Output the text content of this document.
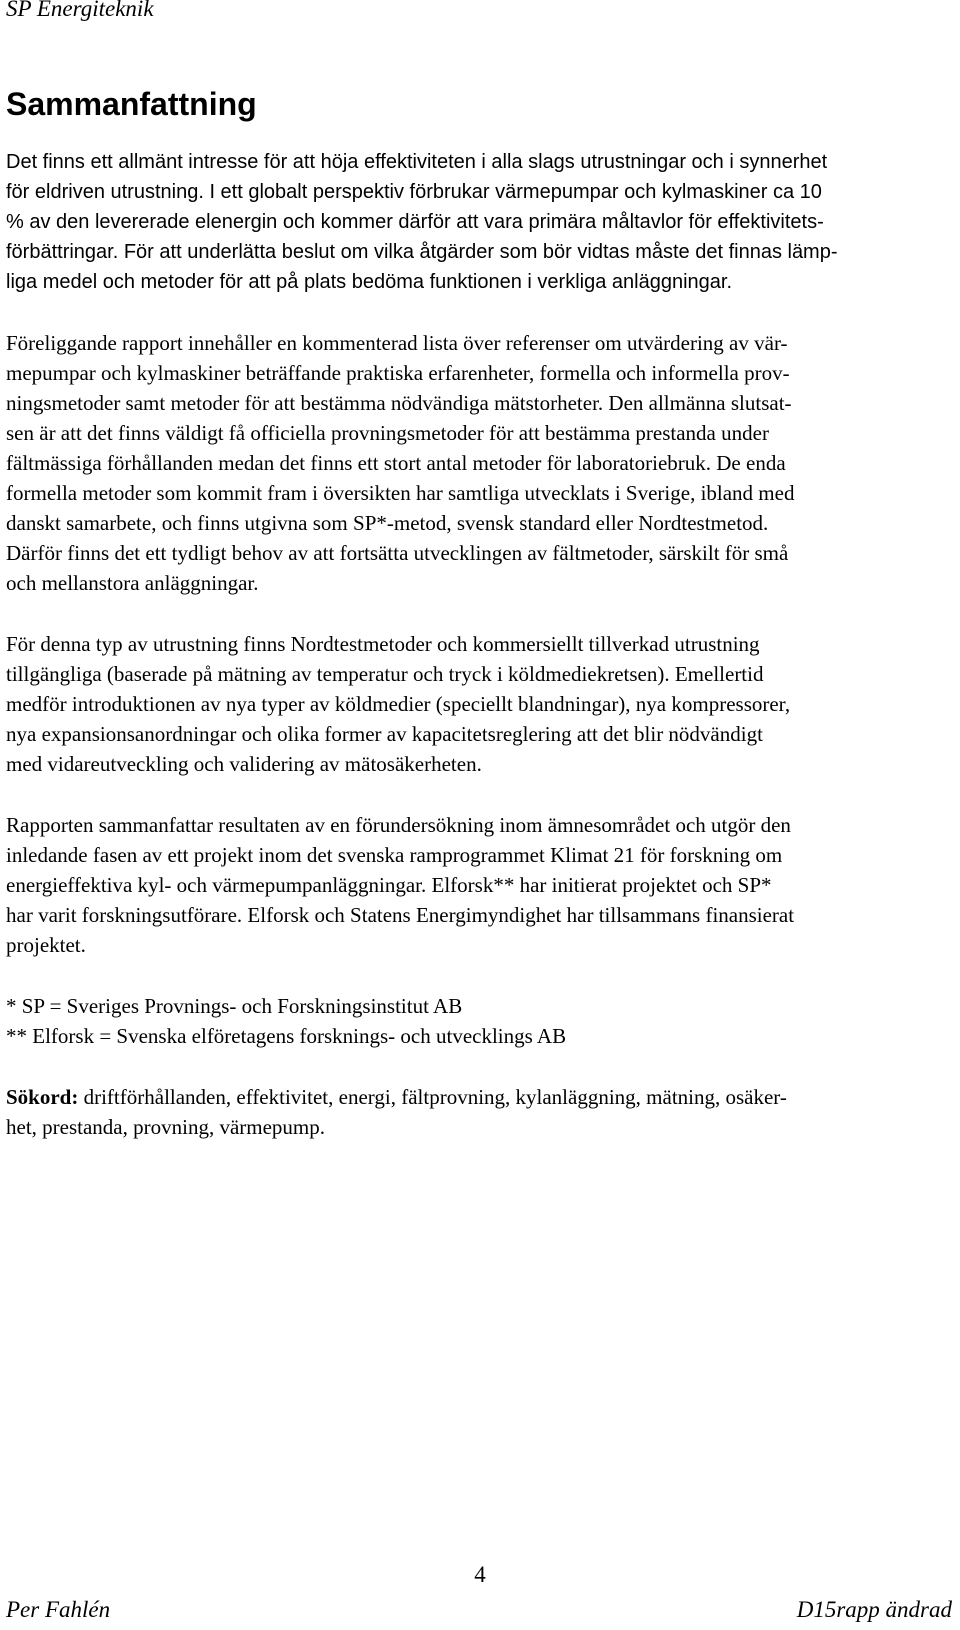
SP Energiteknik
Sammanfattning

Det finns ett allmänt intresse för att höja effektiviteten i alla slags utrustningar och i synnerhet
för eldriven utrustning. I ett globalt perspektiv förbrukar värmepumpar och kylmaskiner ca 10
% av den levererade elenergin och kommer därför att vara primära måltavlor för effektivitets-
förbättringar. För att underlätta beslut om vilka åtgärder som bör vidtas måste det finnas lämp-
liga medel och metoder för att på plats bedöma funktionen i verkliga anläggningar.

Föreliggande rapport innehåller en kommenterad lista över referenser om utvärdering av vär-
mepumpar och kylmaskiner beträffande praktiska erfarenheter, formella och informella prov-
ningsmetoder samt metoder för att bestämma nödvändiga mätstorheter. Den allmänna slutsat-
sen är att det finns väldigt få officiella provningsmetoder för att bestämma prestanda under
fältmässiga förhållanden medan det finns ett stort antal metoder för laboratoriebruk. De enda
formella metoder som kommit fram i översikten har samtliga utvecklats i Sverige, ibland med
danskt samarbete, och finns utgivna som SP*-metod, svensk standard eller Nordtestmetod.
Därför finns det ett tydligt behov av att fortsätta utvecklingen av fältmetoder, särskilt för små
och mellanstora anläggningar.

För denna typ av utrustning finns Nordtestmetoder och kommersiellt tillverkad utrustning
tillgängliga (baserade på mätning av temperatur och tryck i köldmediekretsen). Emellertid
medför introduktionen av nya typer av köldmedier (speciellt blandningar), nya kompressorer,
nya expansionsanordningar och olika former av kapacitetsreglering att det blir nödvändigt
med vidareutveckling och validering av mätosäkerheten.

Rapporten sammanfattar resultaten av en förundersökning inom ämnesområdet och utgör den
inledande fasen av ett projekt inom det svenska ramprogrammet Klimat 21 för forskning om
energieffektiva kyl- och värmepumpanläggningar. Elforsk** har initierat projektet och SP*
har varit forskningsutförare. Elforsk och Statens Energimyndighet har tillsammans finansierat
projektet.

* SP = Sveriges Provnings- och Forskningsinstitut AB
** Elforsk = Svenska elföretagens forsknings- och utvecklings AB

Sökord: driftförhållanden, effektivitet, energi, fältprovning, kylanläggning, mätning, osäker-
het, prestanda, provning, värmepump.

4
Per Fahlén	D15rapp ändrad
